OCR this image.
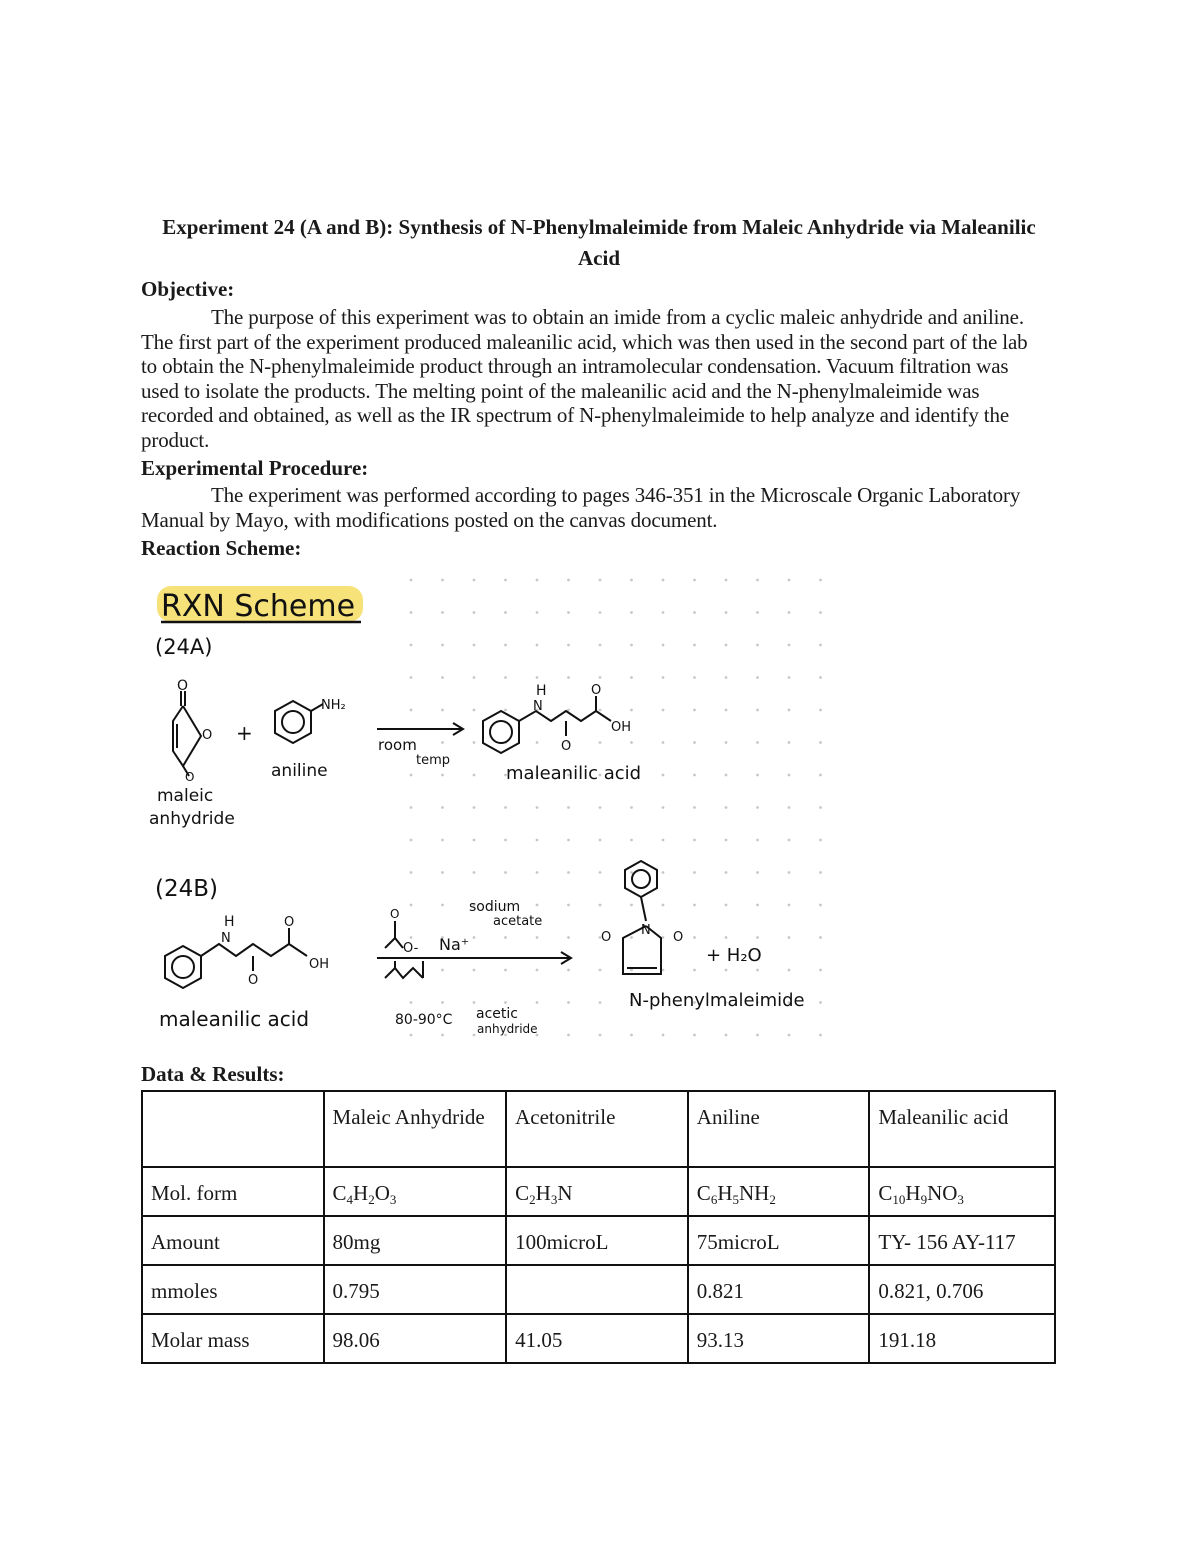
Experiment 24 (A and B): Synthesis of N-Phenylmaleimide from Maleic Anhydride via Maleanilic Acid
Objective:
The purpose of this experiment was to obtain an imide from a cyclic maleic anhydride and aniline. The first part of the experiment produced maleanilic acid, which was then used in the second part of the lab to obtain the N-phenylmaleimide product through an intramolecular condensation. Vacuum filtration was used to isolate the products. The melting point of the maleanilic acid and the N-phenylmaleimide was recorded and obtained, as well as the IR spectrum of N-phenylmaleimide to help analyze and identify the product.
Experimental Procedure:
The experiment was performed according to pages 346-351 in the Microscale Organic Laboratory Manual by Mayo, with modifications posted on the canvas document.
Reaction Scheme:
RXN Scheme
(24A)
O
O
O
maleic
anhydride
+
NH₂
aniline
room
temp
H
N
O
O
OH
maleanilic acid
(24B)
H
N
O
O
OH
maleanilic acid
O
O- Na⁺
sodium
acetate
acetic
anhydride
80-90°C
N
O	O
+ H₂O
N-phenylmaleimide
Data & Results:
	Maleic Anhydride	Acetonitrile	Aniline	Maleanilic acid
Mol. form	$C_4H_2O_3$	$C_2H_3N$	$C_6H_5NH_2$	$C_{10}H_9NO_3$
Amount	80mg	100microL	75microL	TY- 156 AY-117
mmoles	0.795		0.821	0.821, 0.706
Molar mass	98.06	41.05	93.13	191.18
